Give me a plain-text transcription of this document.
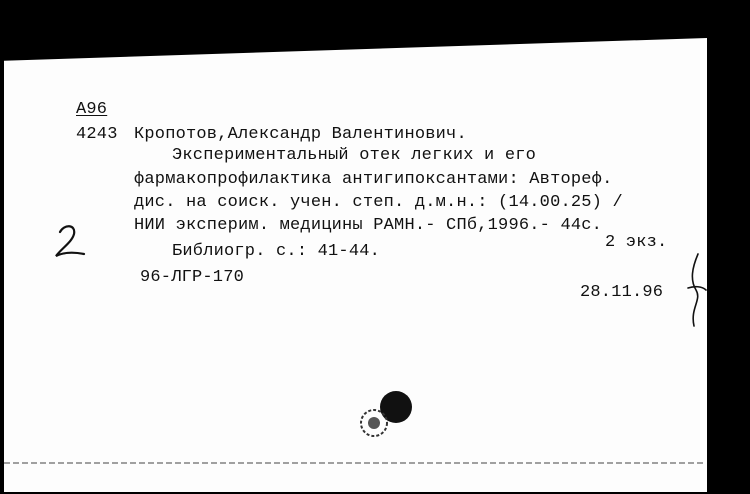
А96
4243 Кропотов,Александр Валентинович.
Экспериментальный отек легких и его
фармакопрофилактика антигипоксантами: Автореф.
дис. на соиск. учен. степ. д.м.н.: (14.00.25) /
НИИ эксперим. медицины РАМН.- СПб,1996.- 44с.
Библиогр. с.: 41-44.	2 экз.
96-ЛГР-170
28.11.96
